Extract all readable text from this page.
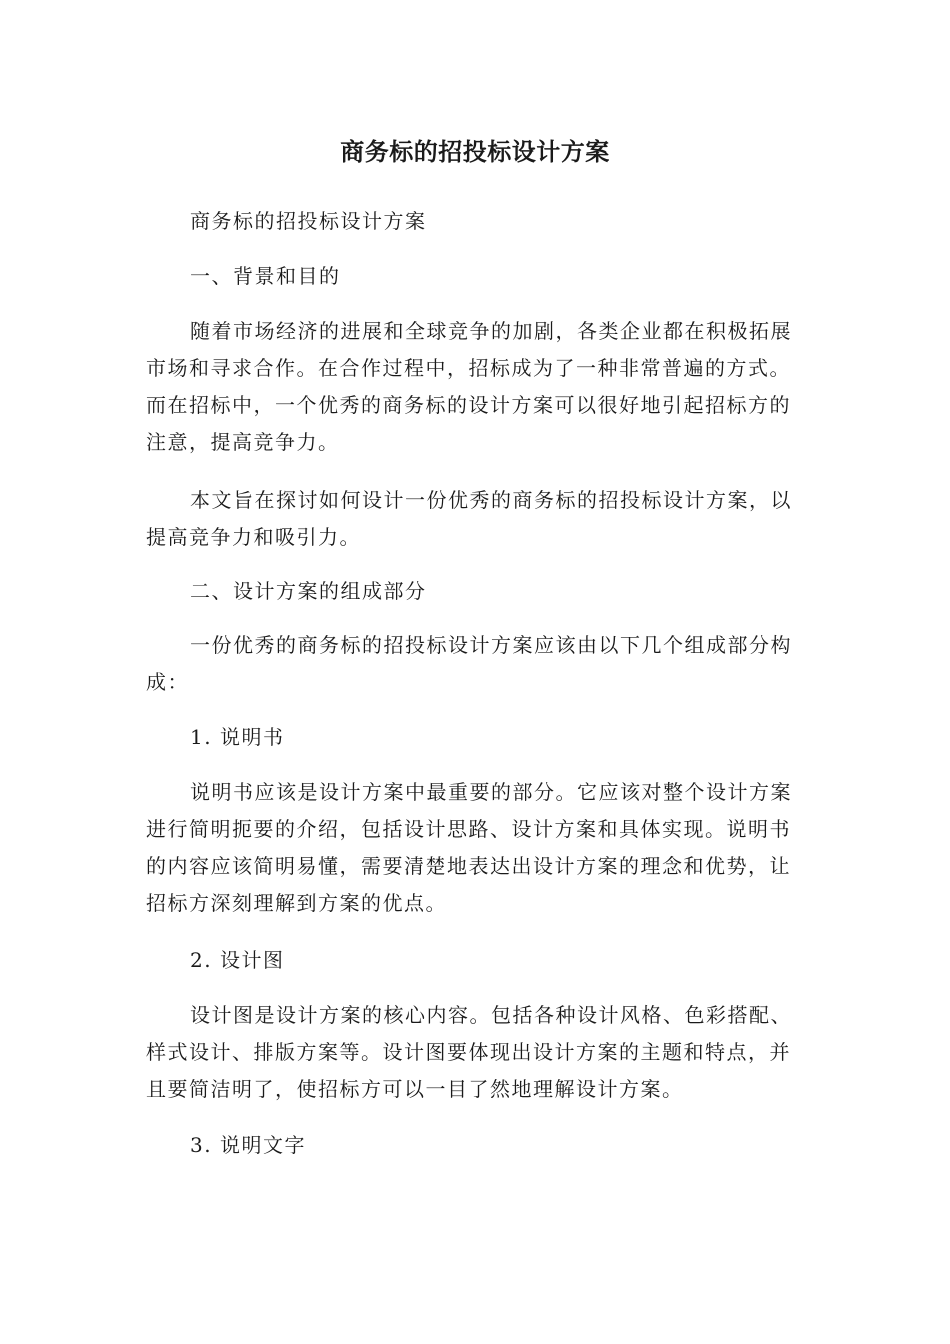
商务标的招投标设计方案

商务标的招投标设计方案

一、背景和目的

随着市场经济的进展和全球竞争的加剧，各类企业都在积极拓展市场和寻求合作。在合作过程中，招标成为了一种非常普遍的方式。而在招标中，一个优秀的商务标的设计方案可以很好地引起招标方的注意，提高竞争力。

本文旨在探讨如何设计一份优秀的商务标的招投标设计方案，以提高竞争力和吸引力。

二、设计方案的组成部分

一份优秀的商务标的招投标设计方案应该由以下几个组成部分构成：

1. 说明书

说明书应该是设计方案中最重要的部分。它应该对整个设计方案进行简明扼要的介绍，包括设计思路、设计方案和具体实现。说明书的内容应该简明易懂，需要清楚地表达出设计方案的理念和优势，让招标方深刻理解到方案的优点。

2. 设计图

设计图是设计方案的核心内容。包括各种设计风格、色彩搭配、样式设计、排版方案等。设计图要体现出设计方案的主题和特点，并且要简洁明了，使招标方可以一目了然地理解设计方案。

3. 说明文字
